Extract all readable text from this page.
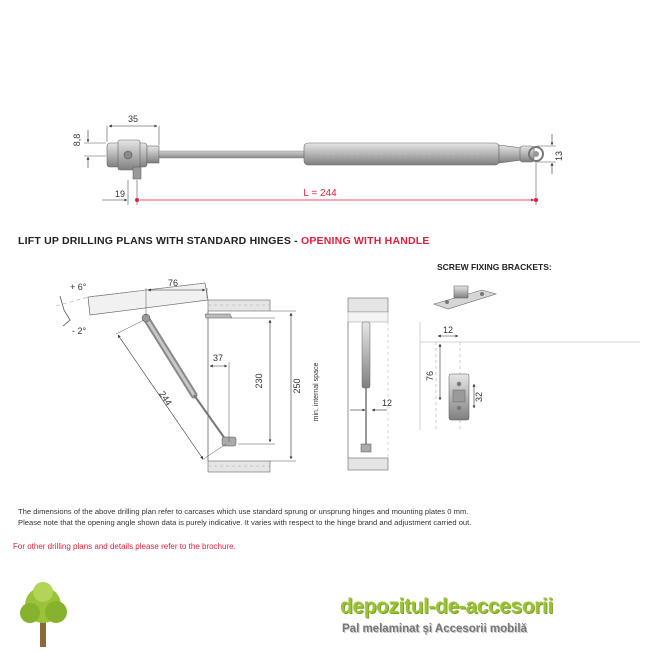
35
8,8
13
19	L = 244
+ 6°
- 2°
76
37
244
230	250 min. internal space	12
12
76
32
LIFT UP DRILLING PLANS WITH STANDARD HINGES - OPENING WITH HANDLE
SCREW FIXING BRACKETS:

The dimensions of the above drilling plan refer to carcases which use standard sprung or unsprung hinges and mounting plates 0 mm.

Please note that the opening angle shown data is purely indicative. It varies with respect to the hinge brand and adjustment carried out.

For other drilling plans and details please refer to the brochure.
depozitul-de-accesorii
Pal melaminat și Accesorii mobilă
